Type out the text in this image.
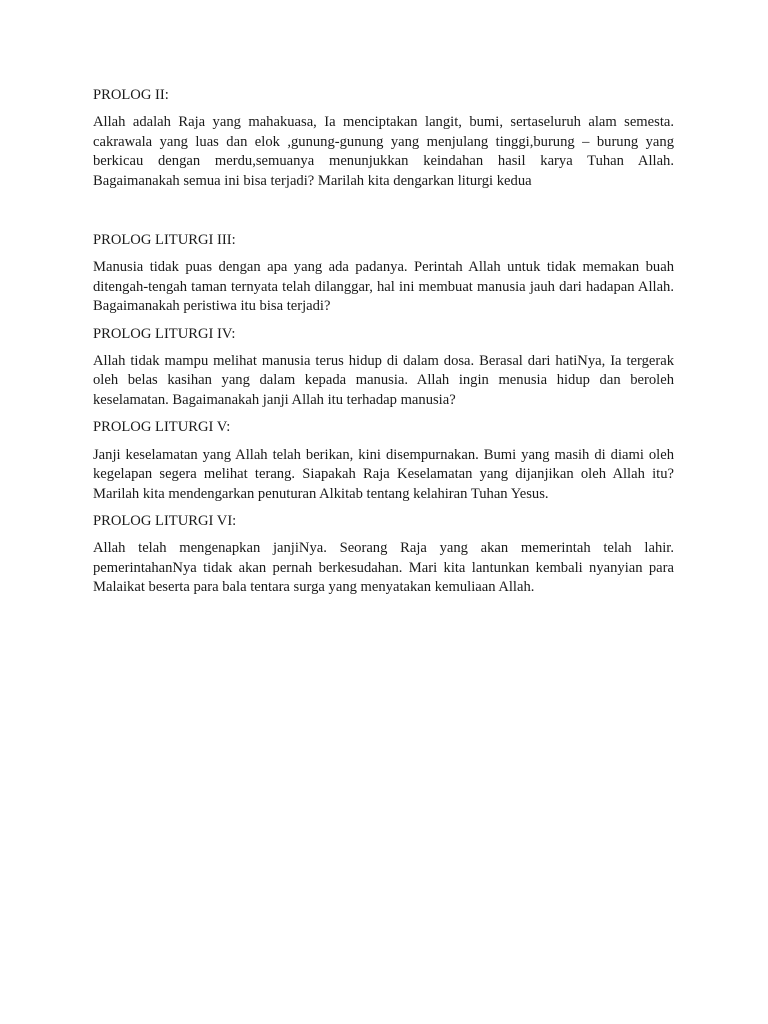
PROLOG II:

Allah adalah Raja yang mahakuasa, Ia menciptakan langit, bumi, sertaseluruh alam semesta. cakrawala yang luas dan elok ,gunung-gunung yang menjulang tinggi,burung – burung yang berkicau dengan merdu,semuanya menunjukkan keindahan hasil karya Tuhan Allah. Bagaimanakah semua ini bisa terjadi? Marilah kita dengarkan liturgi kedua

PROLOG LITURGI III:

Manusia tidak puas dengan apa yang ada padanya. Perintah Allah untuk tidak memakan buah ditengah-tengah taman ternyata telah dilanggar, hal ini membuat manusia jauh dari hadapan Allah. Bagaimanakah peristiwa itu bisa terjadi?

PROLOG LITURGI IV:

Allah tidak mampu melihat manusia terus hidup di dalam dosa. Berasal dari hatiNya, Ia tergerak oleh belas kasihan yang dalam kepada manusia. Allah ingin menusia hidup dan beroleh keselamatan. Bagaimanakah janji Allah itu terhadap manusia?

PROLOG LITURGI V:

Janji keselamatan yang Allah telah berikan, kini disempurnakan. Bumi yang masih di diami oleh kegelapan segera melihat terang. Siapakah Raja Keselamatan yang dijanjikan oleh Allah itu? Marilah kita mendengarkan penuturan Alkitab tentang kelahiran Tuhan Yesus.

PROLOG LITURGI VI:

Allah telah mengenapkan janjiNya. Seorang Raja yang akan memerintah telah lahir. pemerintahanNya tidak akan pernah berkesudahan. Mari kita lantunkan kembali nyanyian para Malaikat beserta para bala tentara surga yang menyatakan kemuliaan Allah.
